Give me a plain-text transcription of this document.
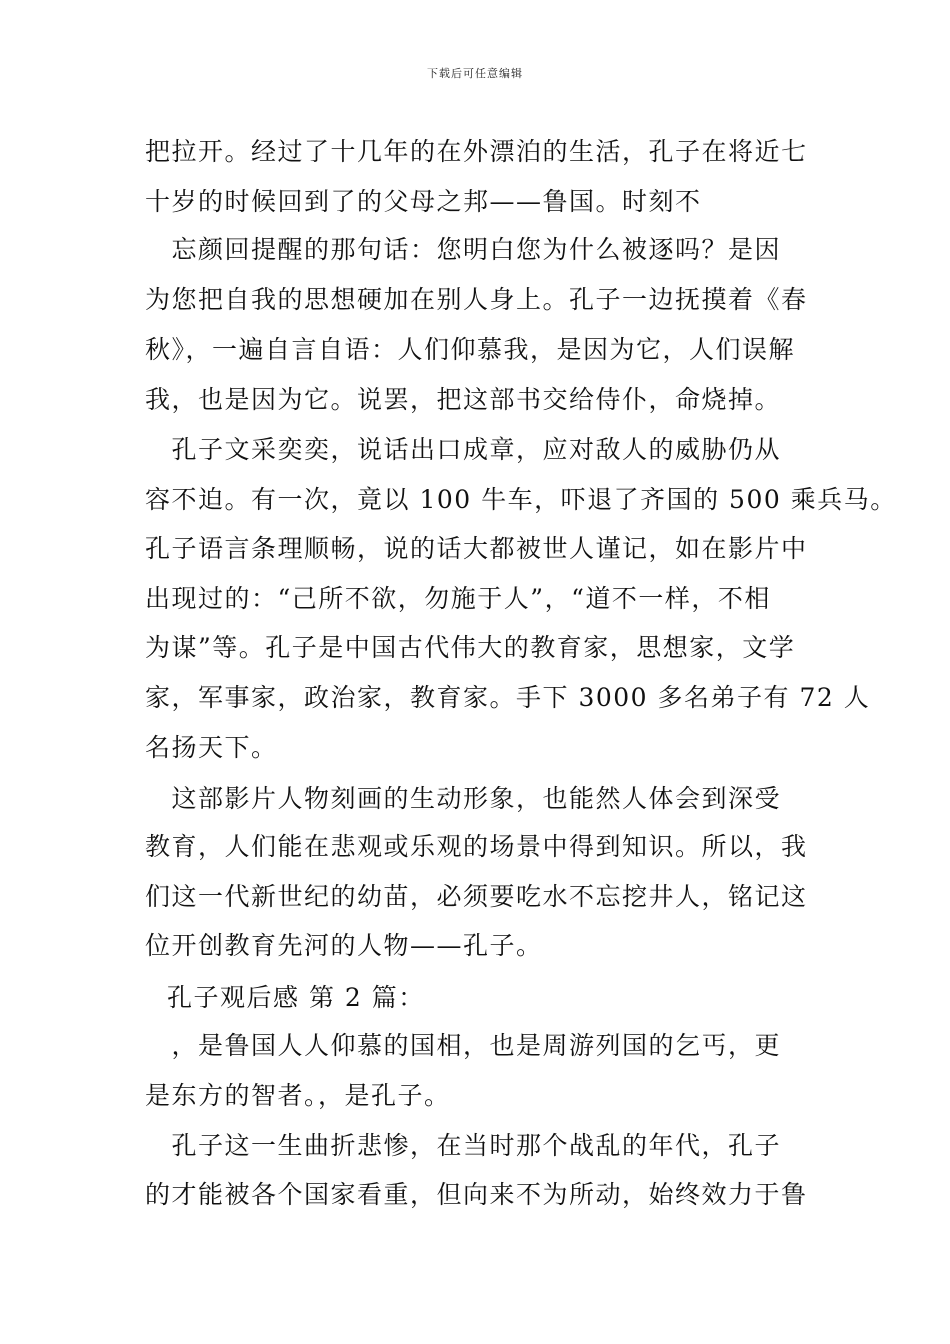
下载后可任意编辑
把拉开。经过了十几年的在外漂泊的生活，孔子在将近七
十岁的时候回到了的父母之邦——鲁国。时刻不
　忘颜回提醒的那句话：您明白您为什么被逐吗？是因
为您把自我的思想硬加在别人身上。孔子一边抚摸着《春
秋》，一遍自言自语：人们仰慕我，是因为它，人们误解
我，也是因为它。说罢，把这部书交给侍仆，命烧掉。
　孔子文采奕奕，说话出口成章，应对敌人的威胁仍从
容不迫。有一次，竟以 100 牛车，吓退了齐国的 500 乘兵马。
孔子语言条理顺畅，说的话大都被世人谨记，如在影片中
出现过的：“己所不欲，勿施于人”，“道不一样，不相
为谋”等。孔子是中国古代伟大的教育家，思想家，文学
家，军事家，政治家，教育家。手下 3000 多名弟子有 72 人
名扬天下。
　这部影片人物刻画的生动形象，也能然人体会到深受
教育，人们能在悲观或乐观的场景中得到知识。所以，我
们这一代新世纪的幼苗，必须要吃水不忘挖井人，铭记这
位开创教育先河的人物——孔子。
孔子观后感 第 2 篇：
　，是鲁国人人仰慕的国相，也是周游列国的乞丐，更
是东方的智者。，是孔子。
　孔子这一生曲折悲惨，在当时那个战乱的年代，孔子
的才能被各个国家看重，但向来不为所动，始终效力于鲁
